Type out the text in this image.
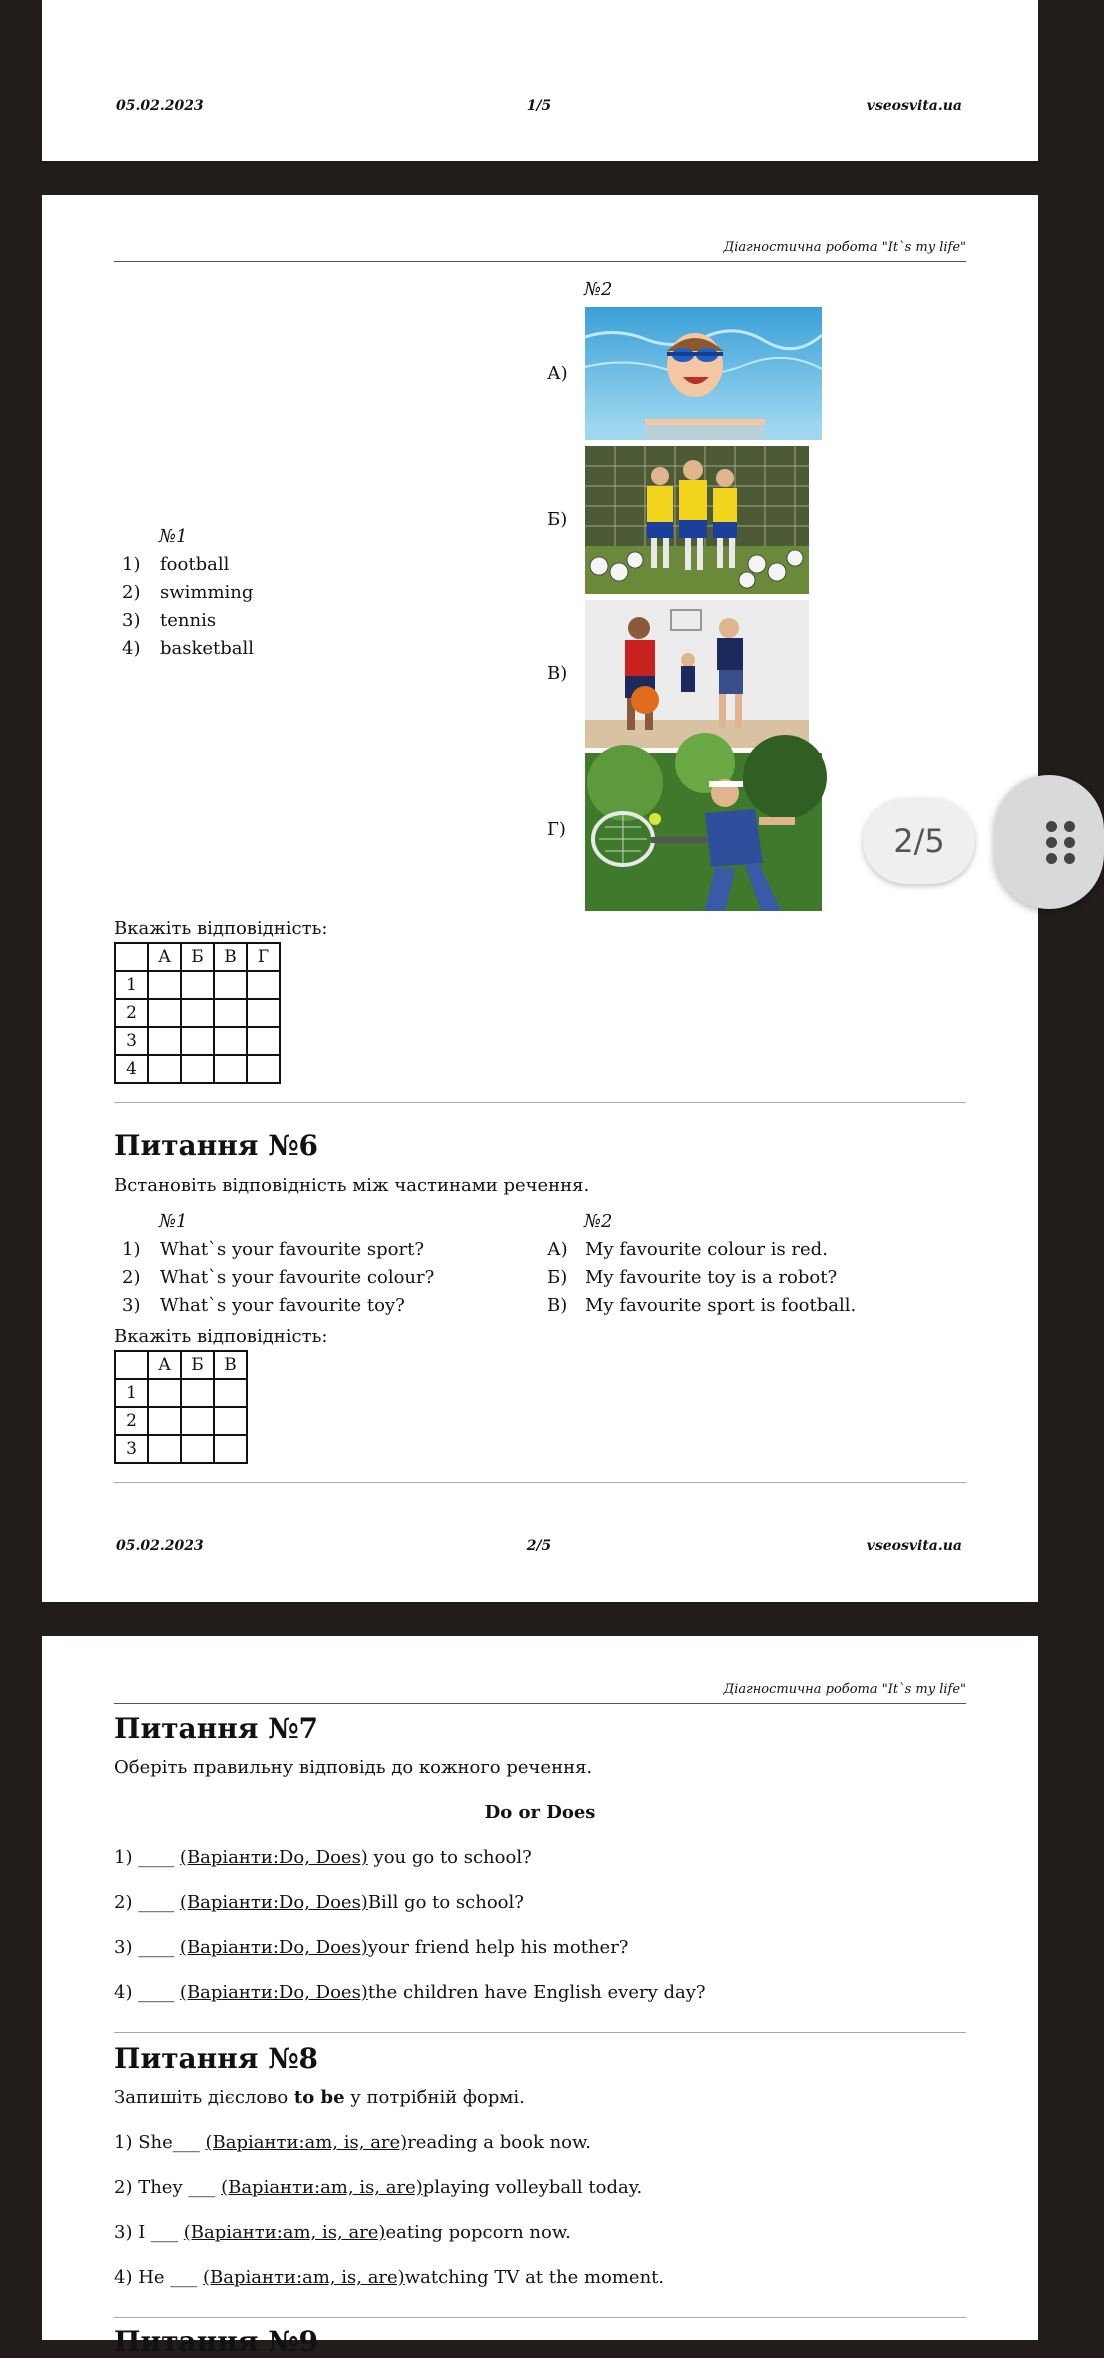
05.02.2023	1/5	vseosvita.ua
Діагностична робота "It`s my life"
№1
1)	football
2)	swimming
3)	tennis
4)	basketball
№2
А)
Б)
В)
Г)
Вкажіть відповідність:
	А	Б	В	Г
1				
2				
3				
4				
Питання №6
Встановіть відповідність між частинами речення.
№1
1)	What`s your favourite sport?
2)	What`s your favourite colour?
3)	What`s your favourite toy?
№2
А) My favourite colour is red.
Б) My favourite toy is a robot?
В) My favourite sport is football.
Вкажіть відповідність:
	А	Б	В
1			
2			
3			
05.02.2023	2/5	vseosvita.ua
Діагностична робота "It`s my life"
Питання №7
Оберіть правильну відповідь до кожного речення.
Do or Does
1) ____ (Варіанти:Do, Does) you go to school?
2) ____ (Варіанти:Do, Does)Bill go to school?
3) ____ (Варіанти:Do, Does)your friend help his mother?
4) ____ (Варіанти:Do, Does)the children have English every day?
Питання №8
Запишіть дієслово to be у потрібній формі.
1) She___ (Варіанти:am, is, are)reading a book now.
2) They ___ (Варіанти:am, is, are)playing volleyball today.
3) I ___ (Варіанти:am, is, are)eating popcorn now.
4) He ___ (Варіанти:am, is, are)watching TV at the moment.
Питання №9
2/5
